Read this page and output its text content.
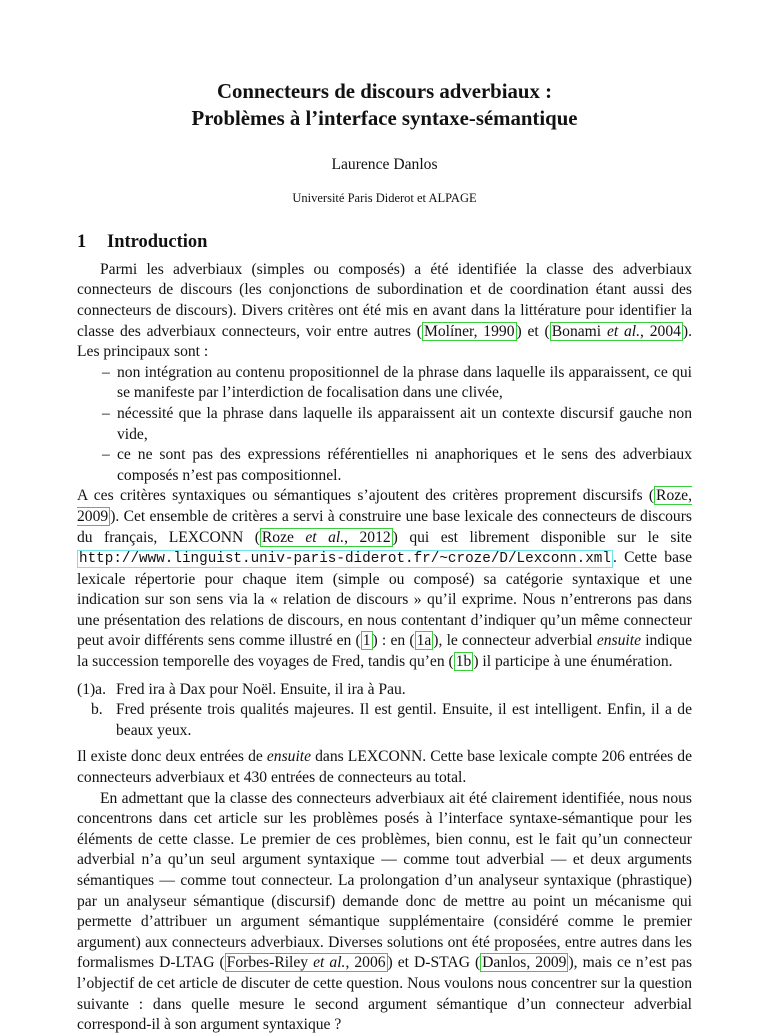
Connecteurs de discours adverbiaux :
Problèmes à l’interface syntaxe-sémantique
Laurence Danlos
Université Paris Diderot et ALPAGE
1 Introduction

Parmi les adverbiaux (simples ou composés) a été identifiée la classe des adverbiaux connecteurs de discours (les conjonctions de subordination et de coordination étant aussi des connecteurs de discours). Divers critères ont été mis en avant dans la littérature pour identifier la classe des adverbiaux connecteurs, voir entre autres ( Molíner, 1990 ) et ( Bonami et al., 2004 ). Les principaux sont :

– non intégration au contenu propositionnel de la phrase dans laquelle ils apparaissent, ce qui se manifeste par l’interdiction de focalisation dans une clivée,
– nécessité que la phrase dans laquelle ils apparaissent ait un contexte discursif gauche non vide,
– ce ne sont pas des expressions référentielles ni anaphoriques et le sens des adverbiaux composés n’est pas compositionnel.

A ces critères syntaxiques ou sémantiques s’ajoutent des critères proprement discursifs ( Roze, 2009 ). Cet ensemble de critères a servi à construire une base lexicale des connecteurs de discours du français, LEXCONN ( Roze et al., 2012 ) qui est librement disponible sur le site http://www.linguist.univ-paris-diderot.fr/~croze/D/Lexconn.xml . Cette base lexicale répertorie pour chaque item (simple ou composé) sa catégorie syntaxique et une indication sur son sens via la « relation de discours » qu’il exprime. Nous n’entrerons pas dans une présentation des relations de discours, en nous contentant d’indiquer qu’un même connecteur peut avoir différents sens comme illustré en ( 1 ) : en ( 1a ), le connecteur adverbial ensuite indique la succession temporelle des voyages de Fred, tandis qu’en ( 1b ) il participe à une énumération.

(1)a. Fred ira à Dax pour Noël. Ensuite, il ira à Pau.
b. Fred présente trois qualités majeures. Il est gentil. Ensuite, il est intelligent. Enfin, il a de beaux yeux.

Il existe donc deux entrées de ensuite dans LEXCONN. Cette base lexicale compte 206 entrées de connecteurs adverbiaux et 430 entrées de connecteurs au total.

En admettant que la classe des connecteurs adverbiaux ait été clairement identifiée, nous nous concentrons dans cet article sur les problèmes posés à l’interface syntaxe-sémantique pour les éléments de cette classe. Le premier de ces problèmes, bien connu, est le fait qu’un connecteur adverbial n’a qu’un seul argument syntaxique — comme tout adverbial — et deux arguments sémantiques — comme tout connecteur. La prolongation d’un analyseur syntaxique (phrastique) par un analyseur sémantique (discursif) demande donc de mettre au point un mécanisme qui permette d’attribuer un argument sémantique supplémentaire (considéré comme le premier argument) aux connecteurs adverbiaux. Diverses solutions ont été proposées, entre autres dans les formalismes D-LTAG ( Forbes-Riley et al., 2006 ) et D-STAG ( Danlos, 2009 ), mais ce n’est pas l’objectif de cet article de discuter de cette question. Nous voulons nous concentrer sur la question suivante : dans quelle mesure le second argument sémantique d’un connecteur adverbial correspond-il à son argument syntaxique ?
